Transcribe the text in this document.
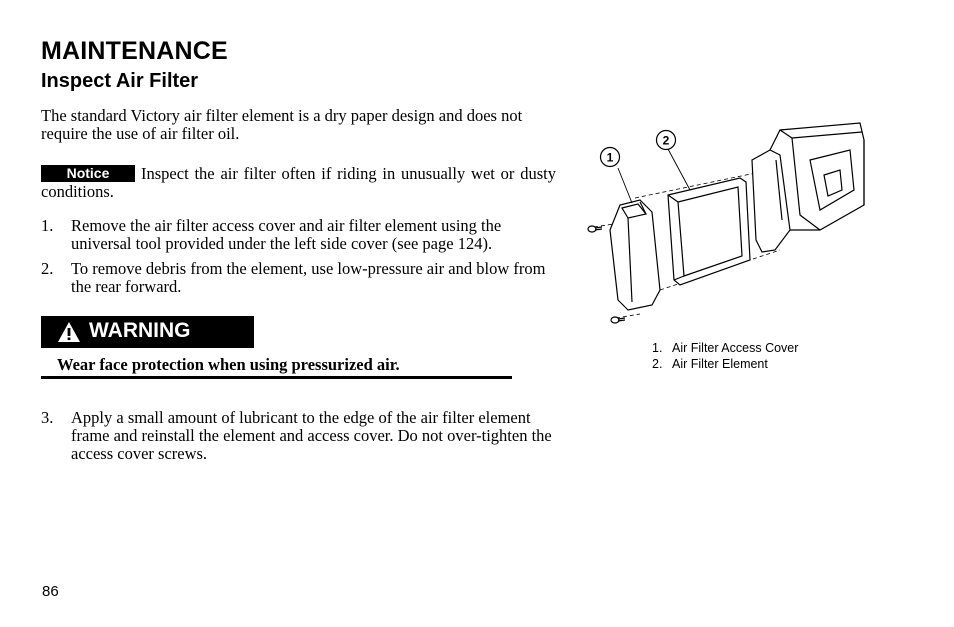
MAINTENANCE
Inspect Air Filter

The standard Victory air filter element is a dry paper design and does not require the use of air filter oil.

Notice Inspect the air filter often if riding in unusually wet or dusty conditions.

1. Remove the air filter access cover and air filter element using the universal tool provided under the left side cover (see page 124).
2. To remove debris from the element, use low-pressure air and blow from the rear forward.
WARNING

Wear face protection when using pressurized air.

3. Apply a small amount of lubricant to the edge of the air filter element frame and reinstall the element and access cover. Do not over-tighten the access cover screws.
1
2
1. Air Filter Access Cover
2. Air Filter Element
86
